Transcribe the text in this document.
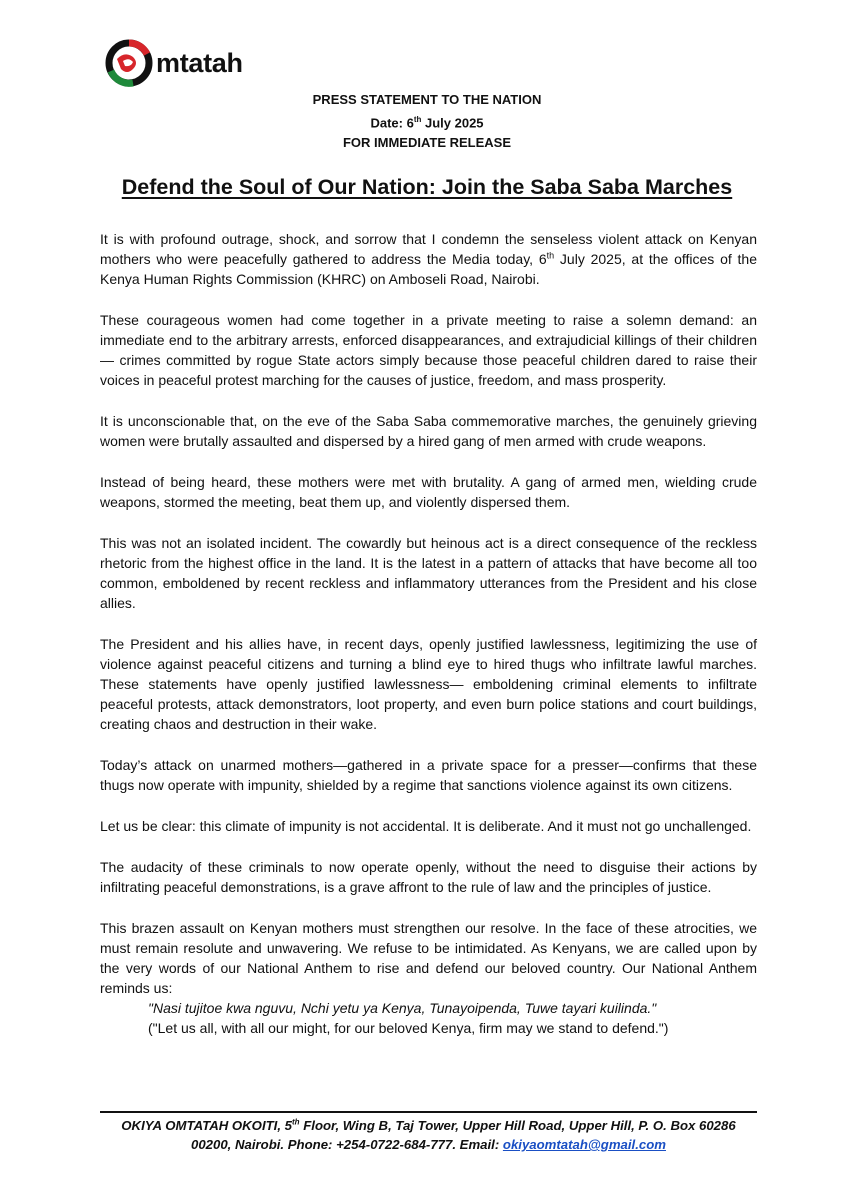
mtatah
PRESS STATEMENT TO THE NATION
Date: 6th July 2025
FOR IMMEDIATE RELEASE
Defend the Soul of Our Nation: Join the Saba Saba Marches

It is with profound outrage, shock, and sorrow that I condemn the senseless violent attack on Kenyan mothers who were peacefully gathered to address the Media today, 6th July 2025, at the offices of the Kenya Human Rights Commission (KHRC) on Amboseli Road, Nairobi.

These courageous women had come together in a private meeting to raise a solemn demand: an immediate end to the arbitrary arrests, enforced disappearances, and extrajudicial killings of their children — crimes committed by rogue State actors simply because those peaceful children dared to raise their voices in peaceful protest marching for the causes of justice, freedom, and mass prosperity.

It is unconscionable that, on the eve of the Saba Saba commemorative marches, the genuinely grieving women were brutally assaulted and dispersed by a hired gang of men armed with crude weapons.

Instead of being heard, these mothers were met with brutality. A gang of armed men, wielding crude weapons, stormed the meeting, beat them up, and violently dispersed them.

This was not an isolated incident. The cowardly but heinous act is a direct consequence of the reckless rhetoric from the highest office in the land. It is the latest in a pattern of attacks that have become all too common, emboldened by recent reckless and inflammatory utterances from the President and his close allies.

The President and his allies have, in recent days, openly justified lawlessness, legitimizing the use of violence against peaceful citizens and turning a blind eye to hired thugs who infiltrate lawful marches. These statements have openly justified lawlessness— emboldening criminal elements to infiltrate peaceful protests, attack demonstrators, loot property, and even burn police stations and court buildings, creating chaos and destruction in their wake.

Today’s attack on unarmed mothers—gathered in a private space for a presser—confirms that these thugs now operate with impunity, shielded by a regime that sanctions violence against its own citizens.

Let us be clear: this climate of impunity is not accidental. It is deliberate. And it must not go unchallenged.

The audacity of these criminals to now operate openly, without the need to disguise their actions by infiltrating peaceful demonstrations, is a grave affront to the rule of law and the principles of justice.

This brazen assault on Kenyan mothers must strengthen our resolve. In the face of these atrocities, we must remain resolute and unwavering. We refuse to be intimidated. As Kenyans, we are called upon by the very words of our National Anthem to rise and defend our beloved country. Our National Anthem reminds us:

"Nasi tujitoe kwa nguvu, Nchi yetu ya Kenya, Tunayoipenda, Tuwe tayari kuilinda."
("Let us all, with all our might, for our beloved Kenya, firm may we stand to defend.")
OKIYA OMTATAH OKOITI, 5th Floor, Wing B, Taj Tower, Upper Hill Road, Upper Hill, P. O. Box 60286
00200, Nairobi. Phone: +254-0722-684-777. Email: okiyaomtatah@gmail.com
